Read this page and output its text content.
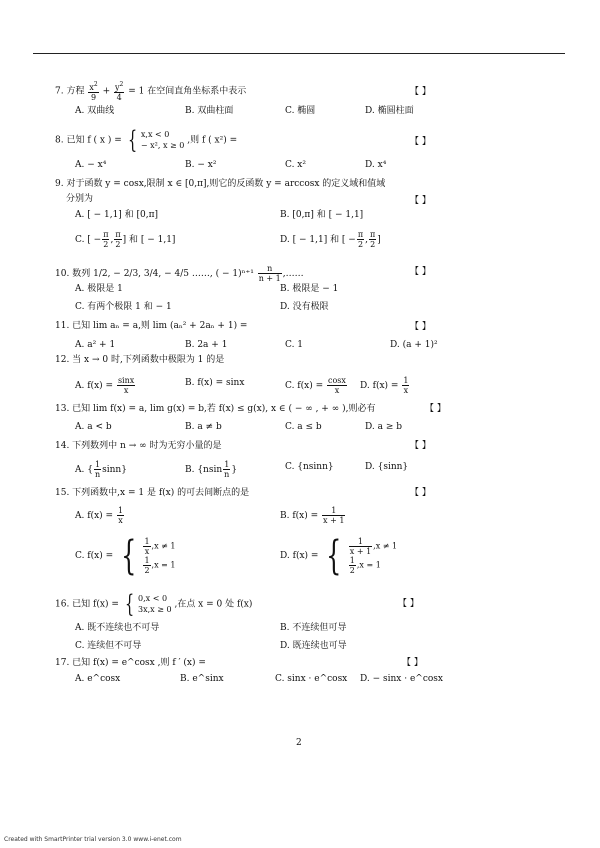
7. 方程 $\frac{x^2}{9} + \frac{y^2}{4} = 1$ 在空间直角坐标系中表示	【 】
A. 双曲线	B. 双曲柱面	C. 椭圆	D. 椭圆柱面
8. 已知 f ( x ) = { x,x < 0
− x², x ≥ 0 ,则 f ( x²) =	【 】
A. − x⁴	B. − x²	C. x²	D. x⁴
9. 对于函数 y = cosx,限制 x ∈ [0,π],则它的反函数 y = arccosx 的定义域和值域
分别为	【 】
A. [ − 1,1] 和 [0,π]	B. [0,π] 和 [ − 1,1]
C. [ − $\frac{\pi}{2}$ , $\frac{\pi}{2}$ ] 和 [ − 1,1]	D. [ − 1,1] 和 [ − $\frac{\pi}{2}$ , $\frac{\pi}{2}$ ]
10. 数列 1/2, − 2/3, 3/4, − 4/5 ……, ( − $1)^{n+1} \frac{n}{n + 1}$ ,……	【 】
A. 极限是 1	B. 极限是 − 1
C. 有两个极限 1 和 − 1	D. 没有极限
11. 已知 lim aₙ = a,则 lim (aₙ² + 2aₙ + 1) =	【 】
A. a² + 1	B. 2a + 1	C. 1	D. (a + 1)²
12. 当 x → 0 时,下列函数中极限为 1 的是
A. $f(x) = \frac{\sin x}{x}$	B. f(x) = sinx	C. $f(x) = \frac{\cos x}{x} D$. $f(x) = \frac{1}{x}$
13. 已知 lim f(x) = a, lim g(x) = b,若 f(x) ≤ g(x), x ∈ ( − ∞ , + ∞ ),则必有	【 】
A. a < b	B. a ≠ b	C. a ≤ b	D. a ≥ b
14. 下列数列中 n → ∞ 时为无穷小量的是	【 】
A. { $\frac{1}{n} \sin n$}	B. {$nsin \frac{1}{n}$ }	C. {nsinn}	D. {sinn}
15. 下列函数中,x = 1 是 f(x) 的可去间断点的是	【 】
A. $f(x) = \frac{1}{x}$	B. $f(x) = \frac{1}{x + 1}$
C. f(x) = { $\frac{1}{x} ,x \ne 1$

$\frac{1}{2} ,x = 1$
D. f(x) = { $\frac{1}{x + 1} ,x \ne 1$

$\frac{1}{2} ,x = 1$
16. 已知 f(x) = { 0,x < 0
3x,x ≥ 0 ,在点 x = 0 处 f(x)	【 】
A. 既不连续也不可导	B. 不连续但可导
C. 连续但不可导	D. 既连续也可导
17. 已知 f(x) = e^cosx ,则 f ′ (x) =	【 】
A. e^cosx	B. e^sinx	C. sinx · e^cosx D. − sinx · e^cosx
2
Created with SmartPrinter trial version 3.0 www.i-enet.com
